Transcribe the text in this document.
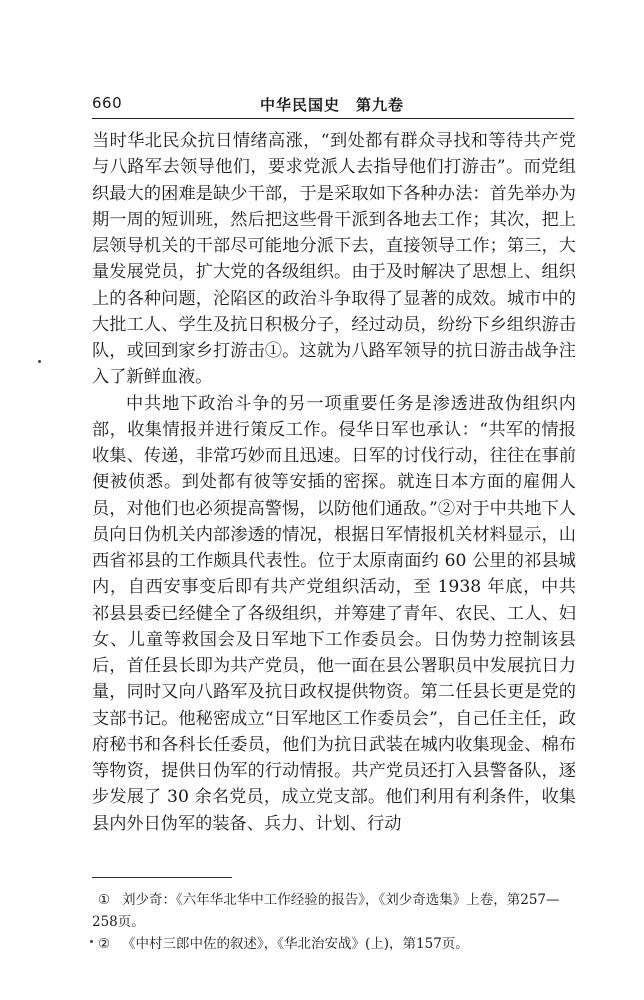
660	中华民国史　第九卷

当时华北民众抗日情绪高涨，“到处都有群众寻找和等待共产党与八路军去领导他们，要求党派人去指导他们打游击”。而党组织最大的困难是缺少干部，于是采取如下各种办法：首先举办为期一周的短训班，然后把这些骨干派到各地去工作；其次，把上层领导机关的干部尽可能地分派下去，直接领导工作；第三，大量发展党员，扩大党的各级组织。由于及时解决了思想上、组织上的各种问题，沦陷区的政治斗争取得了显著的成效。城市中的大批工人、学生及抗日积极分子，经过动员，纷纷下乡组织游击队，或回到家乡打游击①。这就为八路军领导的抗日游击战争注入了新鲜血液。

中共地下政治斗争的另一项重要任务是渗透进敌伪组织内部，收集情报并进行策反工作。侵华日军也承认：“共军的情报收集、传递，非常巧妙而且迅速。日军的讨伐行动，往往在事前便被侦悉。到处都有彼等安插的密探。就连日本方面的雇佣人员，对他们也必须提高警惕，以防他们通敌。”②对于中共地下人员向日伪机关内部渗透的情况，根据日军情报机关材料显示，山西省祁县的工作颇具代表性。位于太原南面约 60 公里的祁县城内，自西安事变后即有共产党组织活动，至 1938 年底，中共祁县县委已经健全了各级组织，并筹建了青年、农民、工人、妇女、儿童等救国会及日军地下工作委员会。日伪势力控制该县后，首任县长即为共产党员，他一面在县公署职员中发展抗日力量，同时又向八路军及抗日政权提供物资。第二任县长更是党的支部书记。他秘密成立“日军地区工作委员会”，自己任主任，政府秘书和各科长任委员，他们为抗日武装在城内收集现金、棉布等物资，提供日伪军的行动情报。共产党员还打入县警备队，逐步发展了 30 余名党员，成立党支部。他们利用有利条件，收集县内外日伪军的装备、兵力、计划、行动

① 刘少奇：《六年华北华中工作经验的报告》，《刘少奇选集》上卷，第257—258页。

② 《中村三郎中佐的叙述》，《华北治安战》(上)，第157页。
